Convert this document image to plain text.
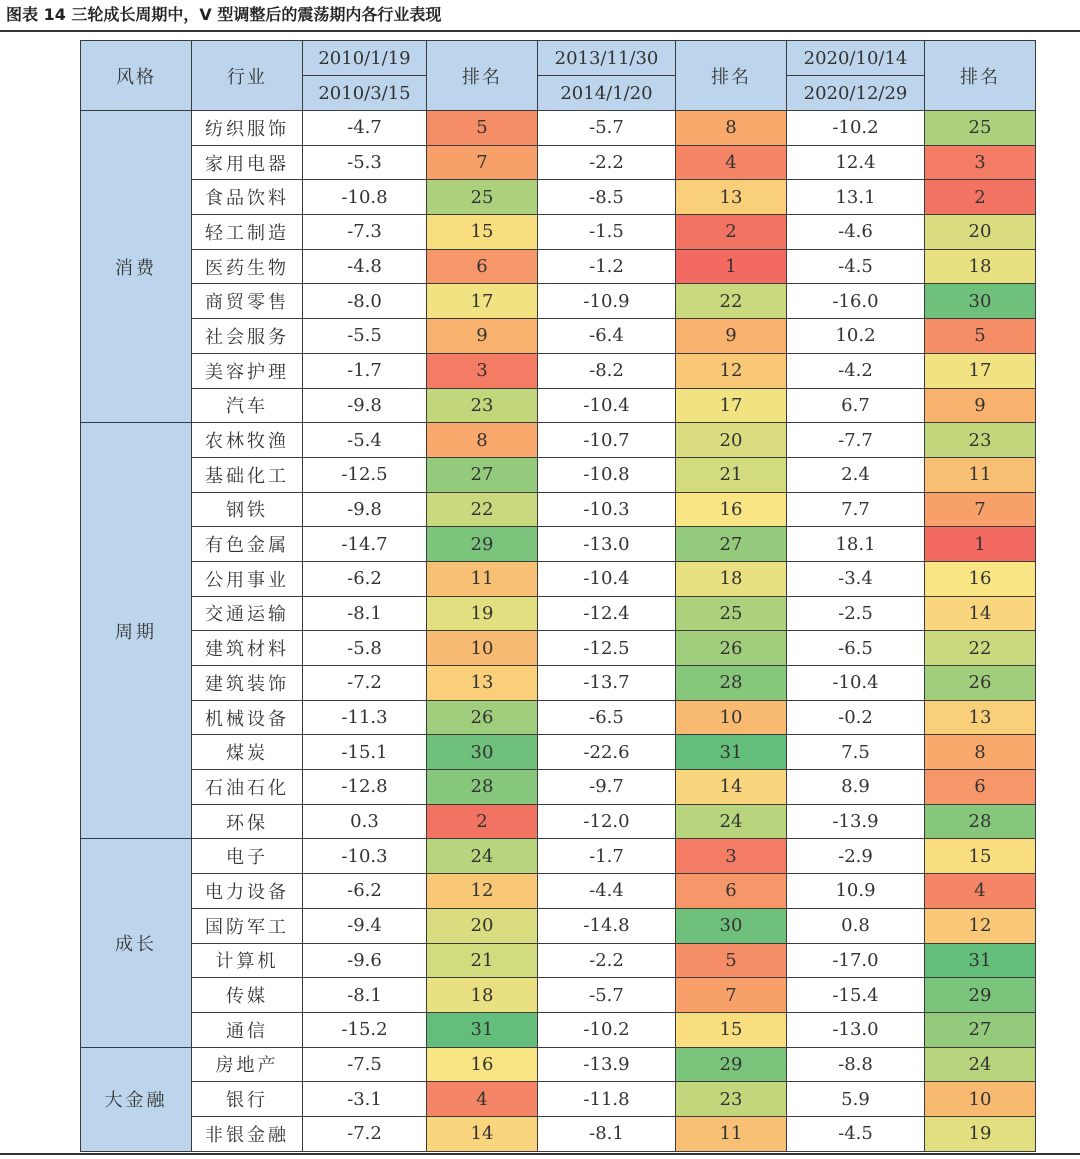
图表 14 三轮成长周期中，V 型调整后的震荡期内各行业表现
风格	行业	2010/1/19	排名	2013/11/30	排名	2020/10/14	排名
		2010/3/15		2014/1/20		2020/12/29	
消费	纺织服饰	-4.7	5	-5.7	8	-10.2	25
	家用电器	-5.3	7	-2.2	4	12.4	3
	食品饮料	-10.8	25	-8.5	13	13.1	2
	轻工制造	-7.3	15	-1.5	2	-4.6	20
	医药生物	-4.8	6	-1.2	1	-4.5	18
	商贸零售	-8.0	17	-10.9	22	-16.0	30
	社会服务	-5.5	9	-6.4	9	10.2	5
	美容护理	-1.7	3	-8.2	12	-4.2	17
	汽车	-9.8	23	-10.4	17	6.7	9
周期	农林牧渔	-5.4	8	-10.7	20	-7.7	23
	基础化工	-12.5	27	-10.8	21	2.4	11
	钢铁	-9.8	22	-10.3	16	7.7	7
	有色金属	-14.7	29	-13.0	27	18.1	1
	公用事业	-6.2	11	-10.4	18	-3.4	16
	交通运输	-8.1	19	-12.4	25	-2.5	14
	建筑材料	-5.8	10	-12.5	26	-6.5	22
	建筑装饰	-7.2	13	-13.7	28	-10.4	26
	机械设备	-11.3	26	-6.5	10	-0.2	13
	煤炭	-15.1	30	-22.6	31	7.5	8
	石油石化	-12.8	28	-9.7	14	8.9	6
	环保	0.3	2	-12.0	24	-13.9	28
成长	电子	-10.3	24	-1.7	3	-2.9	15
	电力设备	-6.2	12	-4.4	6	10.9	4
	国防军工	-9.4	20	-14.8	30	0.8	12
	计算机	-9.6	21	-2.2	5	-17.0	31
	传媒	-8.1	18	-5.7	7	-15.4	29
	通信	-15.2	31	-10.2	15	-13.0	27
大金融	房地产	-7.5	16	-13.9	29	-8.8	24
	银行	-3.1	4	-11.8	23	5.9	10
	非银金融	-7.2	14	-8.1	11	-4.5	19
